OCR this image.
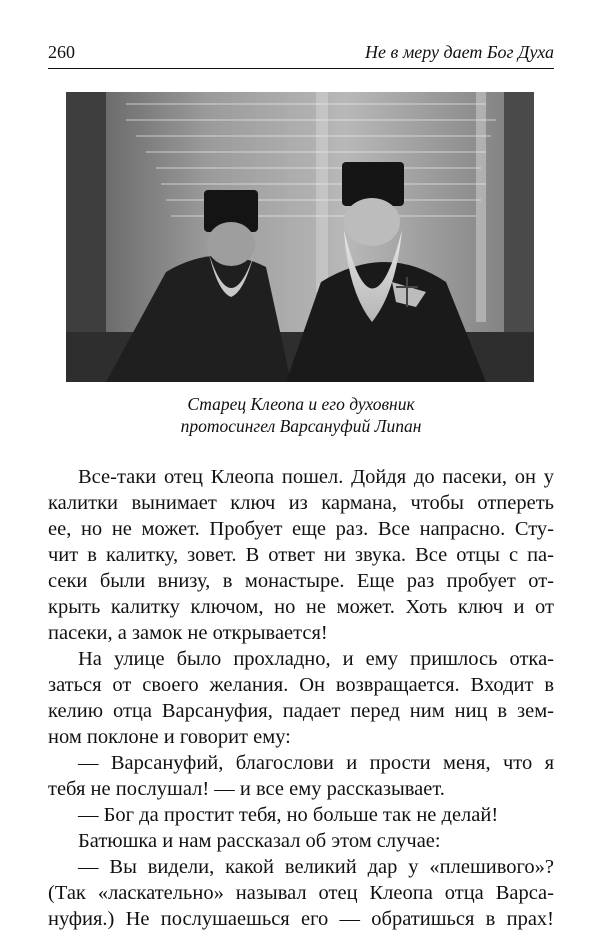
260	Не в меру дает Бог Духа
Старец Клеопа и его духовник
протосингел Варсануфий Липан
Все-таки отец Клеопа пошел. Дойдя до пасеки, он у
калитки вынимает ключ из кармана, чтобы отпереть
ее, но не может. Пробует еще раз. Все напрасно. Сту-
чит в калитку, зовет. В ответ ни звука. Все отцы с па-
секи были внизу, в монастыре. Еще раз пробует от-
крыть калитку ключом, но не может. Хоть ключ и от
пасеки, а замок не открывается!
На улице было прохладно, и ему пришлось отка-
заться от своего желания. Он возвращается. Входит в
келию отца Варсануфия, падает перед ним ниц в зем-
ном поклоне и говорит ему:
— Варсануфий, благослови и прости меня, что я
тебя не послушал! — и все ему рассказывает.
— Бог да простит тебя, но больше так не делай!
Батюшка и нам рассказал об этом случае:
— Вы видели, какой великий дар у «плешивого»?
(Так «ласкательно» называл отец Клеопа отца Варса-
нуфия.) Не послушаешься его — обратишься в прах!
